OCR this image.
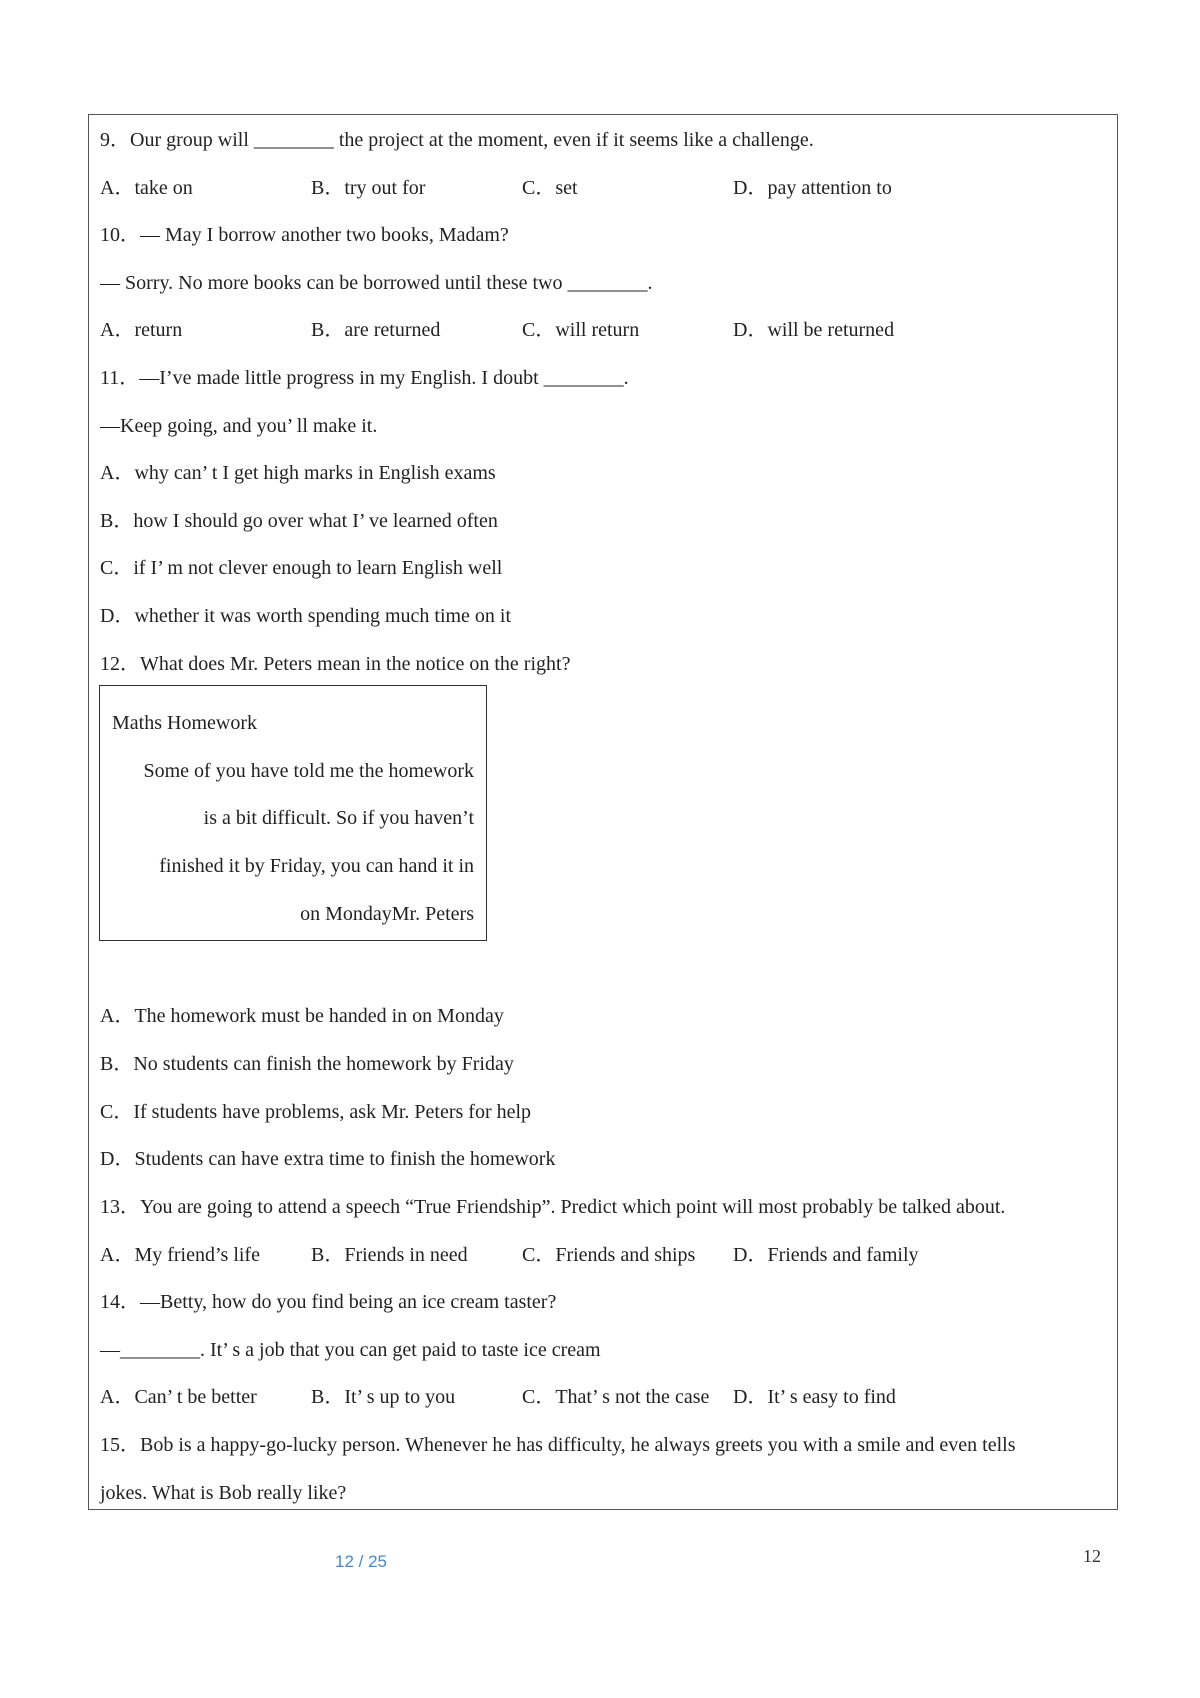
9．Our group will ________ the project at the moment, even if it seems like a challenge.
A．take on	B．try out for	C．set	D．pay attention to
10．— May I borrow another two books, Madam?
— Sorry. No more books can be borrowed until these two ________.
A．return	B．are returned	C．will return	D．will be returned
11．—I’ve made little progress in my English. I doubt ________.
—Keep going, and you’ ll make it.
A．why can’ t I get high marks in English exams
B．how I should go over what I’ ve learned often
C．if I’ m not clever enough to learn English well
D．whether it was worth spending much time on it
12．What does Mr. Peters mean in the notice on the right?
Maths Homework
Some of you have told me the homework
is a bit difficult. So if you haven’t
finished it by Friday, you can hand it in
on MondayMr. Peters
A．The homework must be handed in on Monday
B．No students can finish the homework by Friday
C．If students have problems, ask Mr. Peters for help
D．Students can have extra time to finish the homework
13．You are going to attend a speech “True Friendship”. Predict which point will most probably be talked about.
A．My friend’s life	B．Friends in need	C．Friends and ships D．Friends and family
14．—Betty, how do you find being an ice cream taster?
—________. It’ s a job that you can get paid to taste ice cream
A．Can’ t be better	B．It’ s up to you	C．That’ s not the case D．It’ s easy to find
15．Bob is a happy-go-lucky person. Whenever he has difficulty, he always greets you with a smile and even tells
jokes. What is Bob really like?
12 / 25	12
